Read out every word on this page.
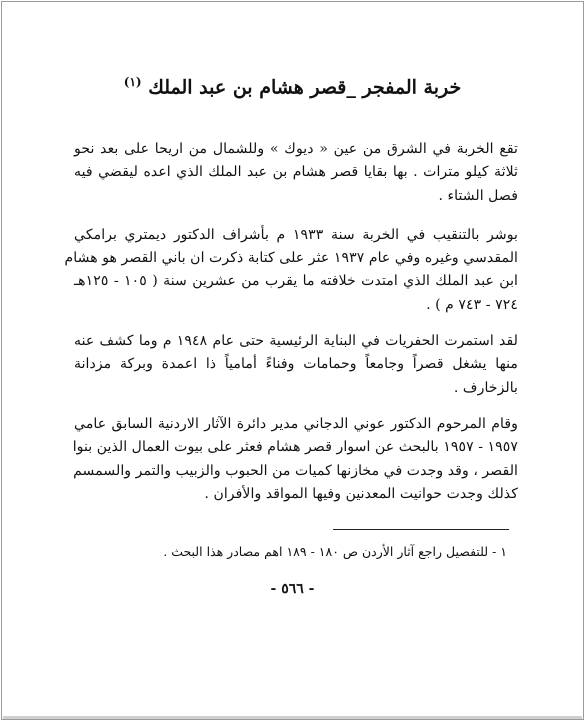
خربة المفجر _قصر هشام بن عبد الملك $^{(١)}$
تقع الخربة في الشرق من عين « ديوك » وللشمال من اريحا على بعد نحو
ثلاثة كيلو مترات . بها بقايا قصر هشام بن عبد الملك الذي اعده ليقضي فيه
فصل الشتاء .
بوشر بالتنقيب في الخربة سنة ١٩٣٣ م بأشراف الدكتور ديمتري برامكي
المقدسي وغيره وفي عام ١٩٣٧ عثر على كتابة ذكرت ان باني القصر هو هشام
ابن عبد الملك الذي امتدت خلافته ما يقرب من عشرين سنة ( ١٠٥ - ١٢٥هـ
٧٢٤ - ٧٤٣ م ) .
لقد استمرت الحفريات في البناية الرئيسية حتى عام ١٩٤٨ م وما كشف عنه
منها يشغل قصراً وجامعاً وحمامات وفناءً أمامياً ذا اعمدة وبركة مزدانة
بالزخارف .
وقام المرحوم الدكتور عوني الدجاني مدير دائرة الآثار الاردنية السابق عامي
١٩٥٧ - ١٩٥٧ بالبحث عن اسوار قصر هشام فعثر على بيوت العمال الذين بنوا
القصر ، وقد وجدت في مخازنها كميات من الحبوب والزبيب والتمر والسمسم
كذلك وجدت حوانيت المعدنين وفيها المواقد والأفران .
١ - للتفصيل راجع آثار الأردن ص ١٨٠ - ١٨٩ اهم مصادر هذا البحث .
- ٥٦٦ -
